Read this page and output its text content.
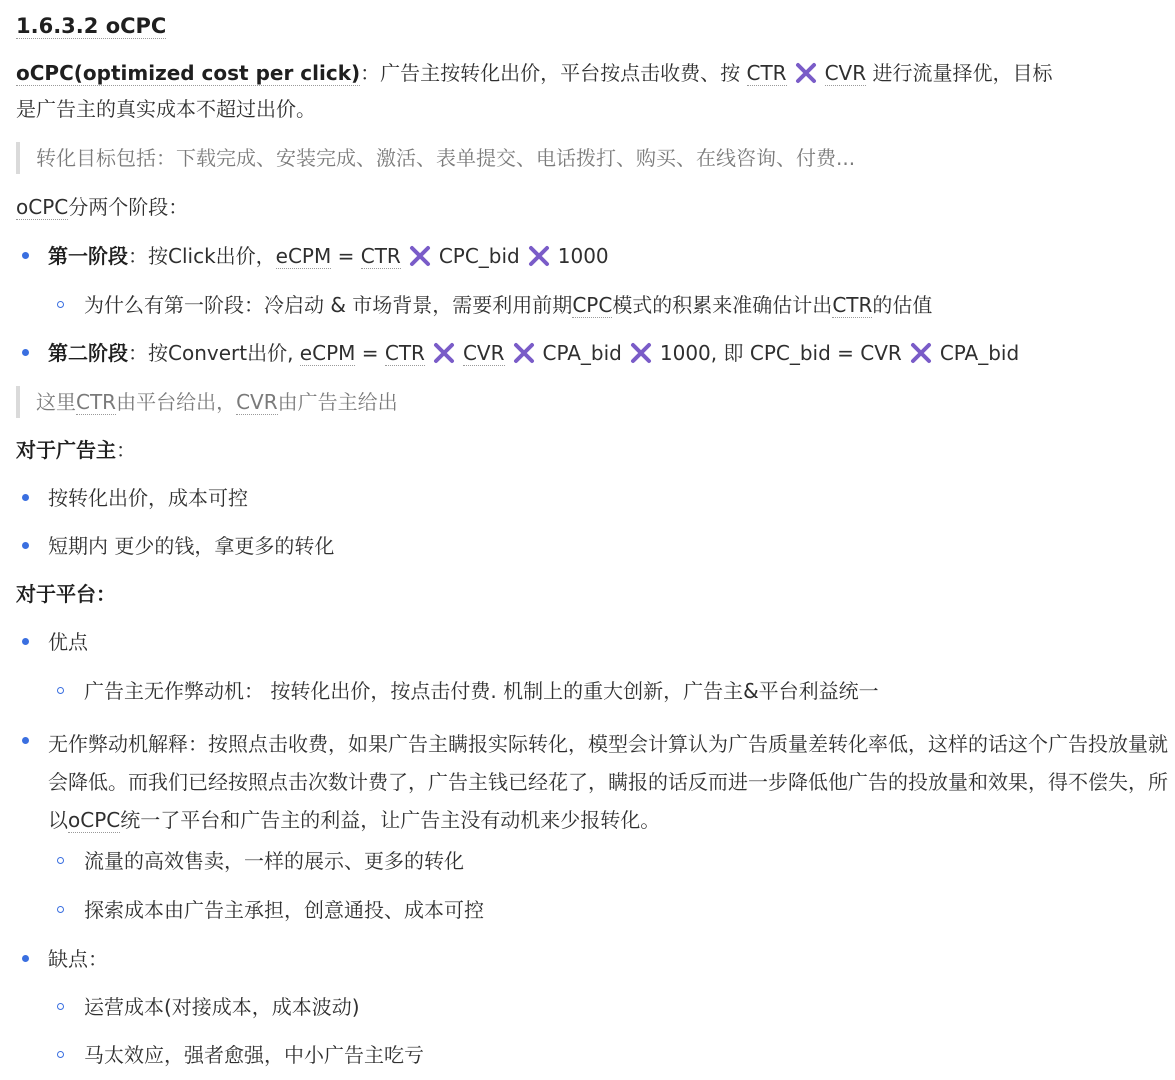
1.6.3.2 oCPC
oCPC(optimized cost per click)：广告主按转化出价，平台按点击收费、按 CTR CVR 进行流量择优，目标
是广告主的真实成本不超过出价。
转化目标包括：下载完成、安装完成、激活、表单提交、电话拨打、购买、在线咨询、付费...
oCPC分两个阶段：
第一阶段：按Click出价，eCPM = CTR CPC_bid 1000
为什么有第一阶段：冷启动 & 市场背景，需要利用前期CPC模式的积累来准确估计出CTR的估值
第二阶段：按Convert出价, eCPM = CTR CVR CPA_bid 1000, 即 CPC_bid = CVR CPA_bid
这里CTR由平台给出，CVR由广告主给出
对于广告主：
按转化出价，成本可控
短期内 更少的钱，拿更多的转化
对于平台：
优点
广告主无作弊动机： 按转化出价，按点击付费. 机制上的重大创新，广告主&平台利益统一
无作弊动机解释：按照点击收费，如果广告主瞒报实际转化，模型会计算认为广告质量差转化率低，这样的话这个广告投放量就会降低。而我们已经按照点击次数计费了，广告主钱已经花了，瞒报的话反而进一步降低他广告的投放量和效果，得不偿失，所以oCPC统一了平台和广告主的利益，让广告主没有动机来少报转化。
流量的高效售卖，一样的展示、更多的转化
探索成本由广告主承担，创意通投、成本可控
缺点：
运营成本(对接成本，成本波动)
马太效应，强者愈强，中小广告主吃亏
